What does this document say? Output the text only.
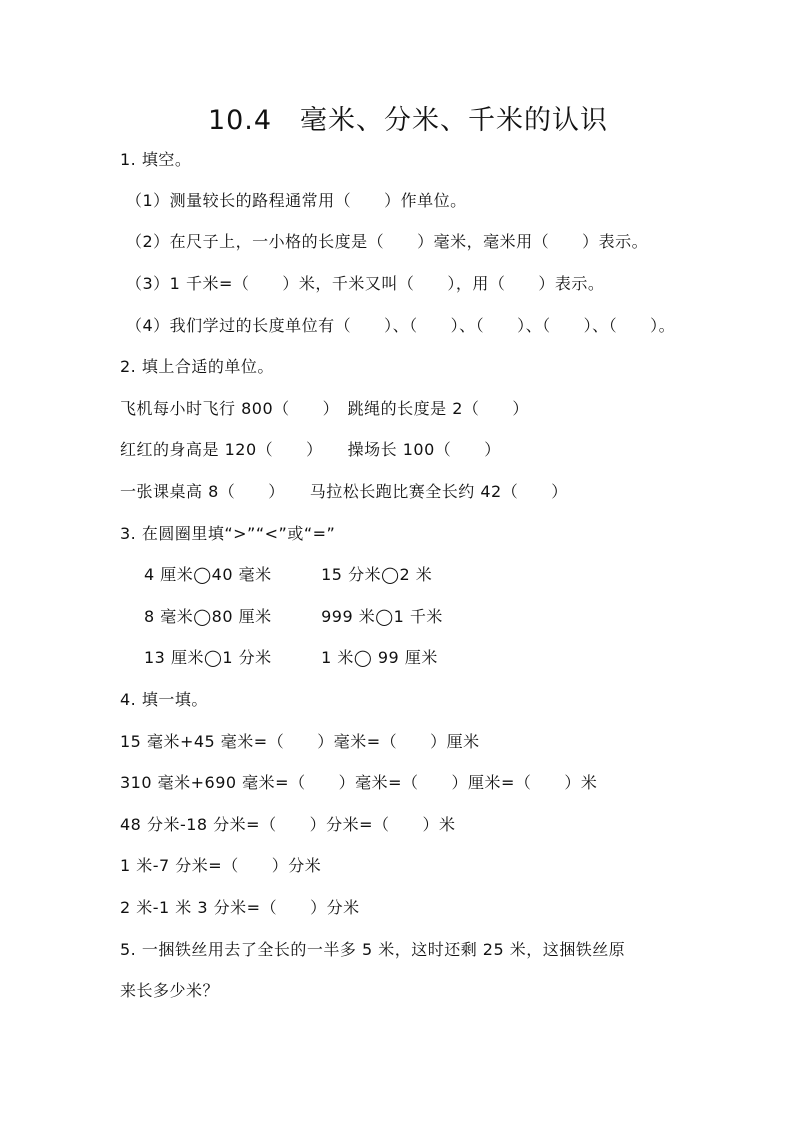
10.4　毫米、分米、千米的认识
1. 填空。
（1）测量较长的路程通常用（　　）作单位。
（2）在尺子上，一小格的长度是（　　）毫米，毫米用（　　）表示。
（3）1 千米=（　　）米，千米又叫（　　），用（　　）表示。
（4）我们学过的长度单位有（　　）、（　　）、（　　）、（　　）、（　　）。
2. 填上合适的单位。
飞机每小时飞行 800（　　）　跳绳的长度是 2（　　）
红红的身高是 120（　　）　　操场长 100（　　）
一张课桌高 8（　　）　　马拉松长跑比赛全长约 42（　　）
3. 在圆圈里填“>”“<”或“=”
4 厘米◯40 毫米　　　15 分米◯2 米
8 毫米◯80 厘米　　　999 米◯1 千米
13 厘米◯1 分米　　　1 米◯ 99 厘米
4. 填一填。
15 毫米+45 毫米=（　　）毫米=（　　）厘米
310 毫米+690 毫米=（　　）毫米=（　　）厘米=（　　）米
48 分米-18 分米=（　　）分米=（　　）米
1 米-7 分米=（　　）分米
2 米-1 米 3 分米=（　　）分米
5. 一捆铁丝用去了全长的一半多 5 米，这时还剩 25 米，这捆铁丝原
来长多少米？
